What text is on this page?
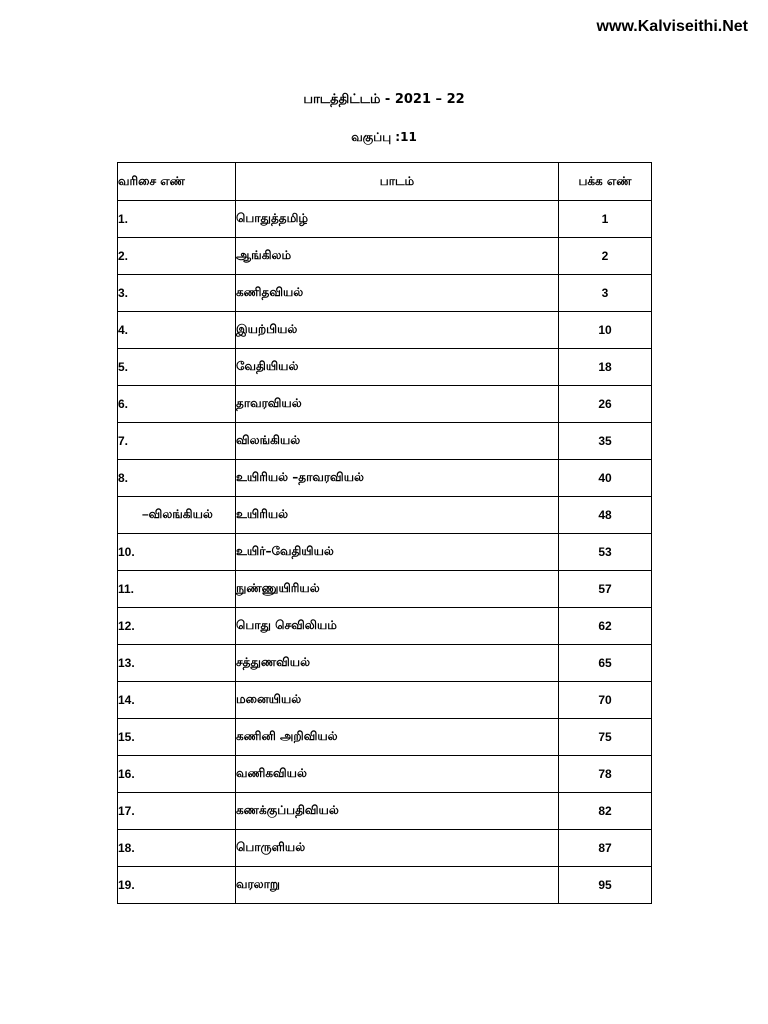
www.Kalviseithi.Net
பாடத்திட்டம் - 2021 – 22
வகுப்பு :11
வரிசை எண்	பாடம்	பக்க எண்
1.	பொதுத்தமிழ்	1
2.	ஆங்கிலம்	2
3.	கணிதவியல்	3
4.	இயற்பியல்	10
5.	வேதியியல்	18
6.	தாவரவியல்	26
7.	விலங்கியல்	35
8.	உயிரியல் –தாவரவியல்	40
–விலங்கியல்	உயிரியல்	48
10.	உயிர்–வேதியியல்	53
11.	நுண்ணுயிரியல்	57
12.	பொது செவிலியம்	62
13.	சத்துணவியல்	65
14.	மனையியல்	70
15.	கணினி அறிவியல்	75
16.	வணிகவியல்	78
17.	கணக்குப்பதிவியல்	82
18.	பொருளியல்	87
19.	வரலாறு	95
